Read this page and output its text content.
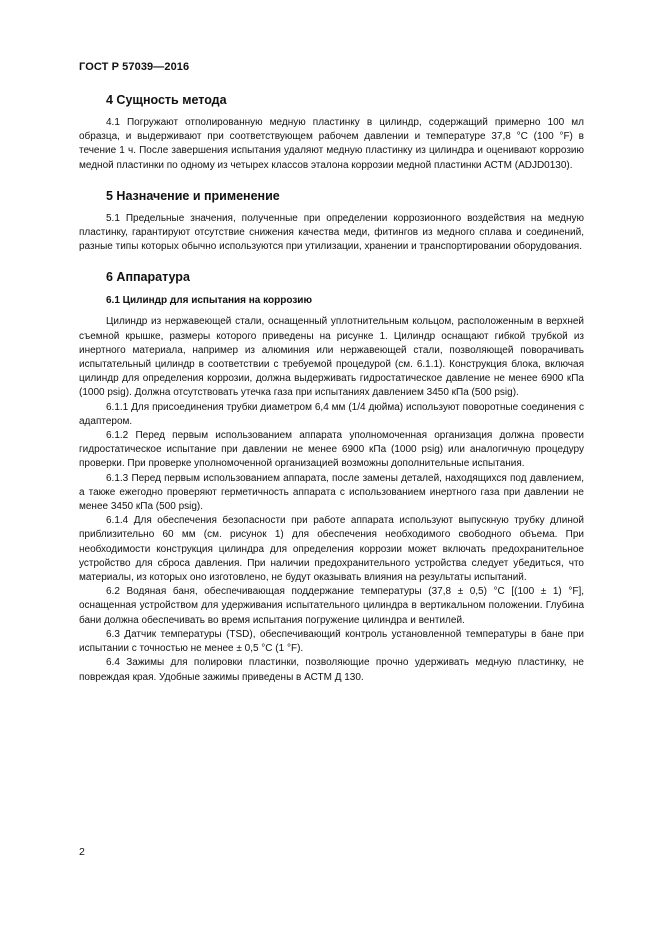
ГОСТ Р 57039—2016
4 Сущность метода

4.1 Погружают отполированную медную пластинку в цилиндр, содержащий примерно 100 мл образца, и выдерживают при соответствующем рабочем давлении и температуре 37,8 °С (100 °F) в течение 1 ч. После завершения испытания удаляют медную пластинку из цилиндра и оценивают коррозию медной пластинки по одному из четырех классов эталона коррозии медной пластинки АСТМ (ADJD0130).

5 Назначение и применение

5.1 Предельные значения, полученные при определении коррозионного воздействия на медную пластинку, гарантируют отсутствие снижения качества меди, фитингов из медного сплава и соединений, разные типы которых обычно используются при утилизации, хранении и транспортировании оборудования.

6 Аппаратура
6.1 Цилиндр для испытания на коррозию

Цилиндр из нержавеющей стали, оснащенный уплотнительным кольцом, расположенным в верхней съемной крышке, размеры которого приведены на рисунке 1. Цилиндр оснащают гибкой трубкой из инертного материала, например из алюминия или нержавеющей стали, позволяющей поворачивать испытательный цилиндр в соответствии с требуемой процедурой (см. 6.1.1). Конструкция блока, включая цилиндр для определения коррозии, должна выдерживать гидростатическое давление не менее 6900 кПа (1000 psig). Должна отсутствовать утечка газа при испытаниях давлением 3450 кПа (500 psig).

6.1.1 Для присоединения трубки диаметром 6,4 мм (1/4 дюйма) используют поворотные соединения с адаптером.

6.1.2 Перед первым использованием аппарата уполномоченная организация должна провести гидростатическое испытание при давлении не менее 6900 кПа (1000 psig) или аналогичную процедуру проверки. При проверке уполномоченной организацией возможны дополнительные испытания.

6.1.3 Перед первым использованием аппарата, после замены деталей, находящихся под давлением, а также ежегодно проверяют герметичность аппарата с использованием инертного газа при давлении не менее 3450 кПа (500 psig).

6.1.4 Для обеспечения безопасности при работе аппарата используют выпускную трубку длиной приблизительно 60 мм (см. рисунок 1) для обеспечения необходимого свободного объема. При необходимости конструкция цилиндра для определения коррозии может включать предохранительное устройство для сброса давления. При наличии предохранительного устройства следует убедиться, что материалы, из которых оно изготовлено, не будут оказывать влияния на результаты испытаний.

6.2 Водяная баня, обеспечивающая поддержание температуры (37,8 ± 0,5) °С [(100 ± 1) °F], оснащенная устройством для удерживания испытательного цилиндра в вертикальном положении. Глубина бани должна обеспечивать во время испытания погружение цилиндра и вентилей.

6.3 Датчик температуры (TSD), обеспечивающий контроль установленной температуры в бане при испытании с точностью не менее ± 0,5 °С (1 °F).

6.4 Зажимы для полировки пластинки, позволяющие прочно удерживать медную пластинку, не повреждая края. Удобные зажимы приведены в АСТМ Д 130.

2
